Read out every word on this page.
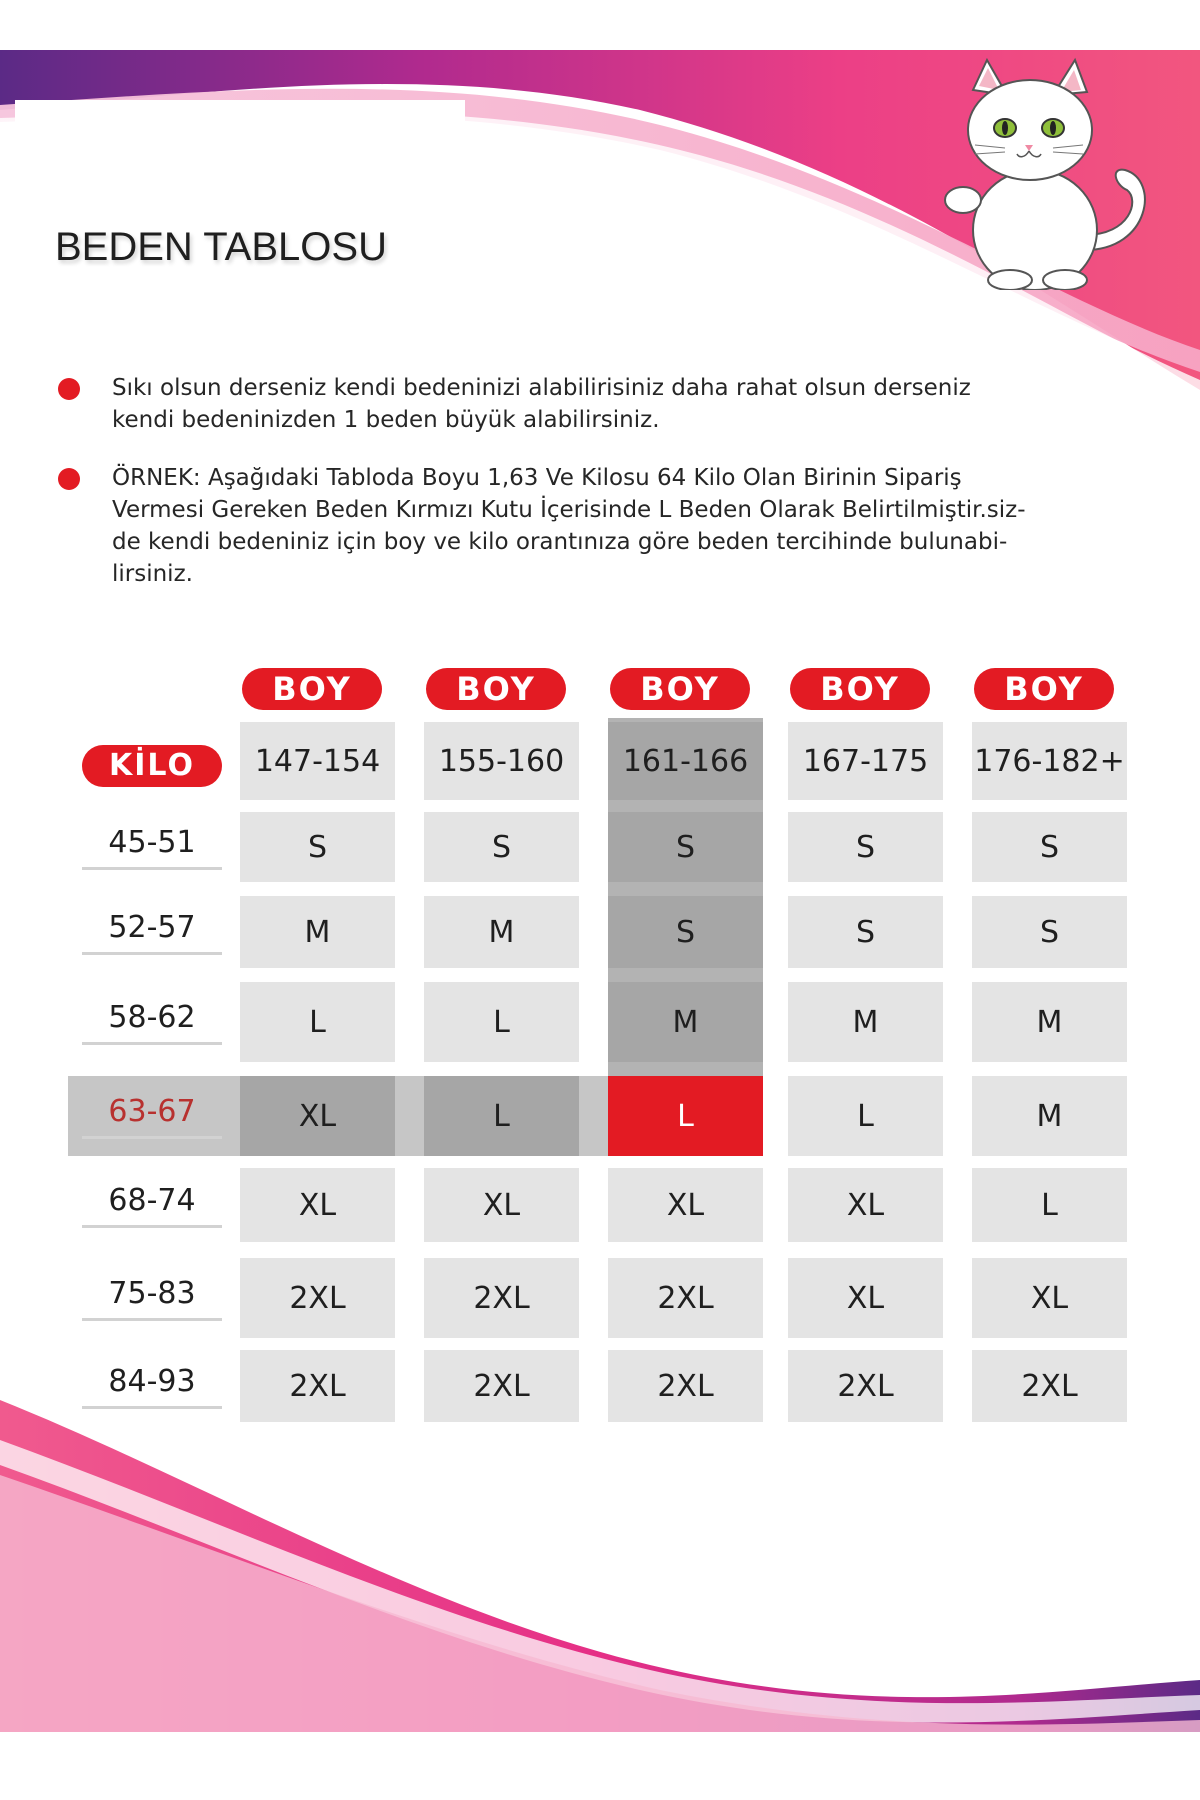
BEDEN TABLOSU
Sıkı olsun derseniz kendi bedeninizi alabilirisiniz daha rahat olsun derseniz
kendi bedeninizden 1 beden büyük alabilirsiniz.
ÖRNEK: Aşağıdaki Tabloda Boyu 1,63 Ve Kilosu 64 Kilo Olan Birinin Sipariş
Vermesi Gereken Beden Kırmızı Kutu İçerisinde L Beden Olarak Belirtilmiştir.siz-
de kendi bedeniniz için boy ve kilo orantınıza göre beden tercihinde bulunabi-
lirsiniz.
BOY	BOY	BOY	BOY	BOY
KİLO	147-154	155-160	161-166	167-175	176-182+
45-51	S	S	S	S	S
52-57	M	M	S	S	S
58-62	L	L	M	M	M
63-67	XL	L	L	L	M
68-74	XL	XL	XL	XL	L
75-83	2XL	2XL	2XL	XL	XL
84-93	2XL	2XL	2XL	2XL	2XL
